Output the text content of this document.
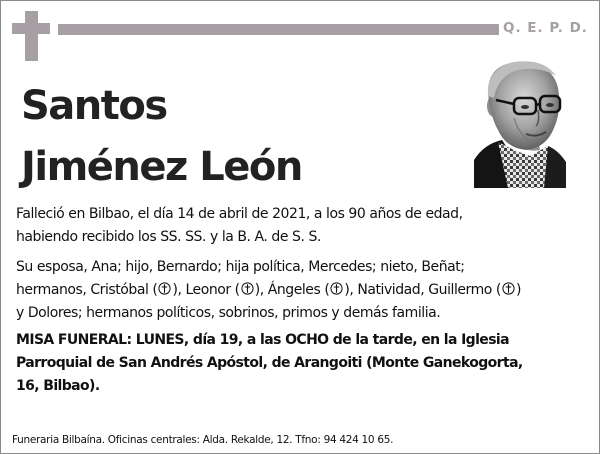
Q. E. P. D.
Santos
Jiménez León
Falleció en Bilbao, el día 14 de abril de 2021, a los 90 años de edad,
habiendo recibido los SS. SS. y la B. A. de S. S.
Su esposa, Ana; hijo, Bernardo; hija política, Mercedes; nieto, Beñat;
hermanos, Cristóbal ( ), Leonor ( ), Ángeles ( ), Natividad, Guillermo ( )
y Dolores; hermanos políticos, sobrinos, primos y demás familia.
MISA FUNERAL: LUNES, día 19, a las OCHO de la tarde, en la Iglesia
Parroquial de San Andrés Apóstol, de Arangoiti (Monte Ganekogorta,
16, Bilbao).
Funeraria Bilbaína. Oficinas centrales: Alda. Rekalde, 12. Tfno: 94 424 10 65.
